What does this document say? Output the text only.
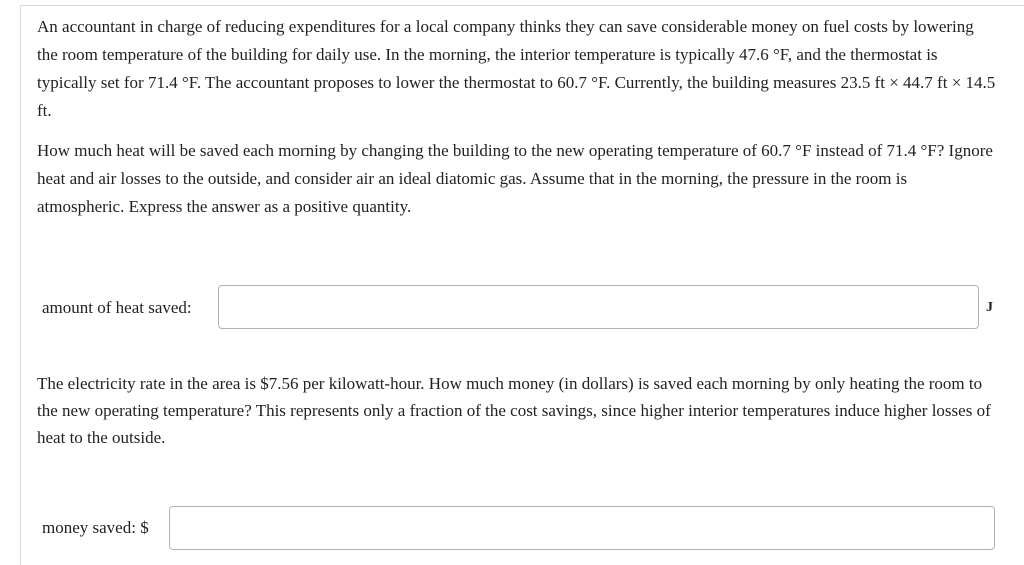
An accountant in charge of reducing expenditures for a local company thinks they can save considerable money on fuel costs by lowering the room temperature of the building for daily use. In the morning, the interior temperature is typically 47.6 °F, and the thermostat is typically set for 71.4 °F. The accountant proposes to lower the thermostat to 60.7 °F. Currently, the building measures 23.5 ft × 44.7 ft × 14.5 ft.

How much heat will be saved each morning by changing the building to the new operating temperature of 60.7 °F instead of 71.4 °F? Ignore heat and air losses to the outside, and consider air an ideal diatomic gas. Assume that in the morning, the pressure in the room is atmospheric. Express the answer as a positive quantity.

amount of heat saved:	J

The electricity rate in the area is $7.56 per kilowatt-hour. How much money (in dollars) is saved each morning by only heating the room to the new operating temperature? This represents only a fraction of the cost savings, since higher interior temperatures induce higher losses of heat to the outside.

money saved: $
